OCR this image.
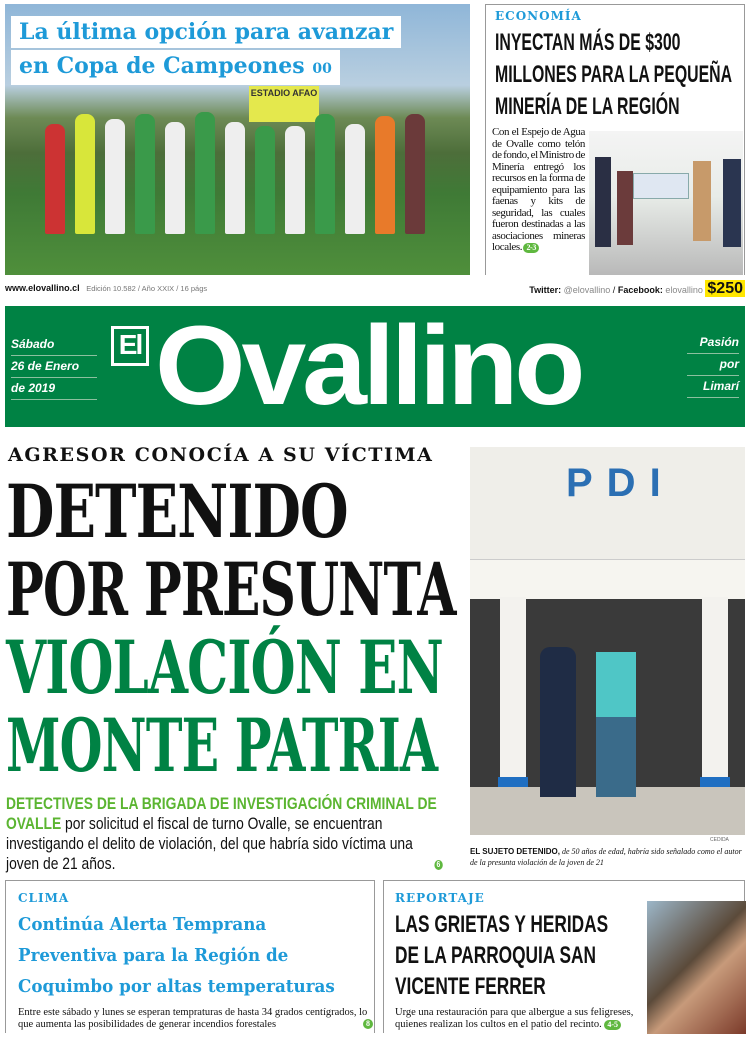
ESTADIO AFAO
La última opción para avanzar
en Copa de Campeones 00
ECONOMÍA
INYECTAN MÁS DE $300
MILLONES PARA LA PEQUEÑA
MINERÍA DE LA REGIÓN
Con el Espejo de Agua de Ovalle como telón de fondo, el Ministro de Minería entregó los recursos en la forma de equipamiento para las faenas y kits de seguridad, las cuales fueron destinadas a las asociaciones mineras locales. 2-3
www.elovallino.cl Edición 10.582 / Año XXIX / 16 págs	Twitter: @elovallino / Facebook: elovallino $250
Sábado
26 de Enero
de 2019
El Ovallino	Pasión
por
Limarí
AGRESOR CONOCÍA A SU VÍCTIMA
DETENIDO
POR PRESUNTA
VIOLACIÓN EN
MONTE PATRIA
DETECTIVES DE LA BRIGADA DE INVESTIGACIÓN CRIMINAL DE OVALLE por solicitud el fiscal de turno Ovalle, se encuentran investigando el delito de violación, del que habría sido víctima una joven de 21 años.	6
PDI
CEDIDA
EL SUJETO DETENIDO, de 50 años de edad, habría sido señalado como el autor de la presunta violación de la joven de 21
CLIMA
Continúa Alerta Temprana
Preventiva para la Región de
Coquimbo por altas temperaturas
Entre este sábado y lunes se esperan tempraturas de hasta 34 grados centígrados, lo que aumenta las posibilidades de generar incendios forestales	8
REPORTAJE
LAS GRIETAS Y HERIDAS
DE LA PARROQUIA SAN
VICENTE FERRER
Urge una restauración para que albergue a sus feligreses, quienes realizan los cultos en el patio del recinto. 4-5
